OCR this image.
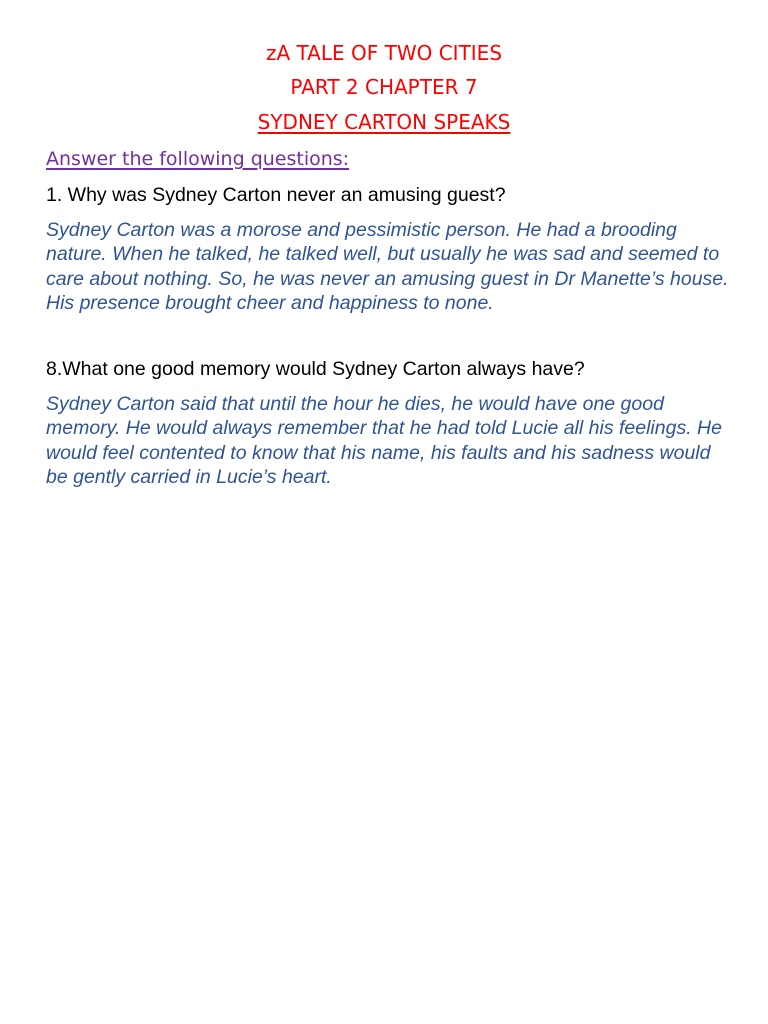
zA TALE OF TWO CITIES
PART 2 CHAPTER 7
SYDNEY CARTON SPEAKS
Answer the following questions:
1. Why was Sydney Carton never an amusing guest?

Sydney Carton was a morose and pessimistic person. He had a brooding nature. When he talked, he talked well, but usually he was sad and seemed to care about nothing. So, he was never an amusing guest in Dr Manette’s house. His presence brought cheer and happiness to none.

8.What one good memory would Sydney Carton always have?

Sydney Carton said that until the hour he dies, he would have one good memory. He would always remember that he had told Lucie all his feelings. He would feel contented to know that his name, his faults and his sadness would be gently carried in Lucie’s heart.
